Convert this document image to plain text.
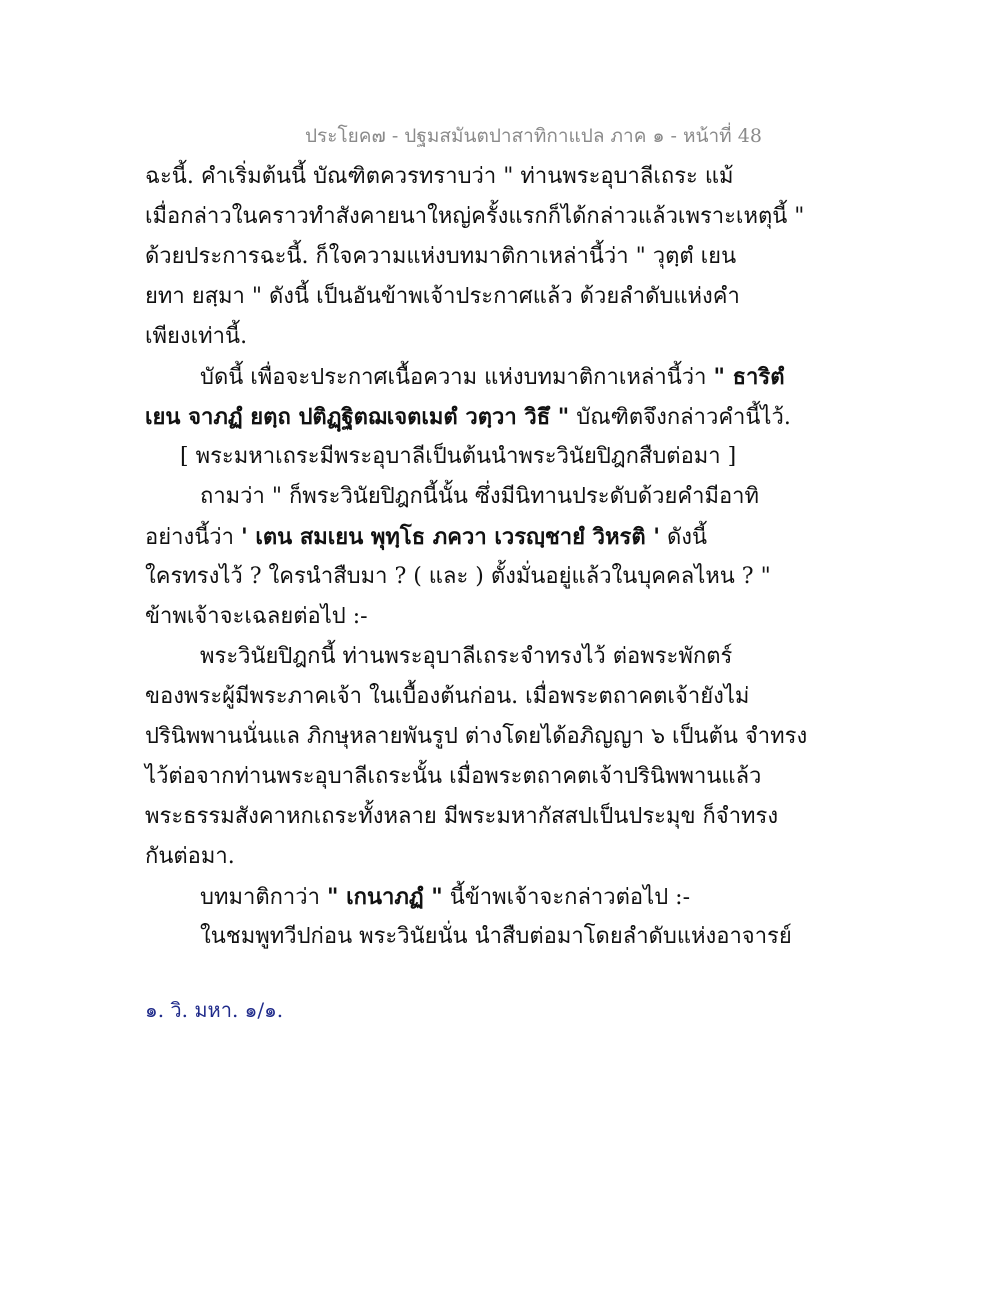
ประโยค๗ - ปฐมสมันตปาสาทิกาแปล ภาค ๑ - หน้าที่ 48
ฉะนี้. คำเริ่มต้นนี้ บัณฑิตควรทราบว่า " ท่านพระอุบาลีเถระ แม้
เมื่อกล่าวในคราวทำสังคายนาใหญ่ครั้งแรกก็ได้กล่าวแล้วเพราะเหตุนี้ "
ด้วยประการฉะนี้. ก็ใจความแห่งบทมาติกาเหล่านี้ว่า " วุตฺตํ เยน
ยทา ยสฺมา " ดังนี้ เป็นอันข้าพเจ้าประกาศแล้ว ด้วยลำดับแห่งคำ
เพียงเท่านี้.
บัดนี้ เพื่อจะประกาศเนื้อความ แห่งบทมาติกาเหล่านี้ว่า " ธาริตํ
เยน จาภฏํ ยตฺถ ปติฏฺฐิตฌเจตเมตํ วตฺวา วิธึ " บัณฑิตจึงกล่าวคำนี้ไว้.
[ พระมหาเถระมีพระอุบาลีเป็นต้นนำพระวินัยปิฎกสืบต่อมา ]
ถามว่า " ก็พระวินัยปิฎกนี้นั้น ซึ่งมีนิทานประดับด้วยคำมีอาทิ
อย่างนี้ว่า ' เตน สมเยน พุทฺโธ ภควา เวรญฺชายํ วิหรติ ' ดังนี้
ใครทรงไว้ ? ใครนำสืบมา ? ( และ ) ตั้งมั่นอยู่แล้วในบุคคลไหน ? "
ข้าพเจ้าจะเฉลยต่อไป :-
พระวินัยปิฎกนี้ ท่านพระอุบาลีเถระจำทรงไว้ ต่อพระพักตร์
ของพระผู้มีพระภาคเจ้า ในเบื้องต้นก่อน. เมื่อพระตถาคตเจ้ายังไม่
ปรินิพพานนั่นแล ภิกษุหลายพันรูป ต่างโดยได้อภิญญา ๖ เป็นต้น จำทรง
ไว้ต่อจากท่านพระอุบาลีเถระนั้น เมื่อพระตถาคตเจ้าปรินิพพานแล้ว
พระธรรมสังคาหกเถระทั้งหลาย มีพระมหากัสสปเป็นประมุข ก็จำทรง
กันต่อมา.
บทมาติกาว่า " เกนาภฏํ " นี้ข้าพเจ้าจะกล่าวต่อไป :-
ในชมพูทวีปก่อน พระวินัยนั่น นำสืบต่อมาโดยลำดับแห่งอาจารย์
๑. วิ. มหา. ๑/๑.
